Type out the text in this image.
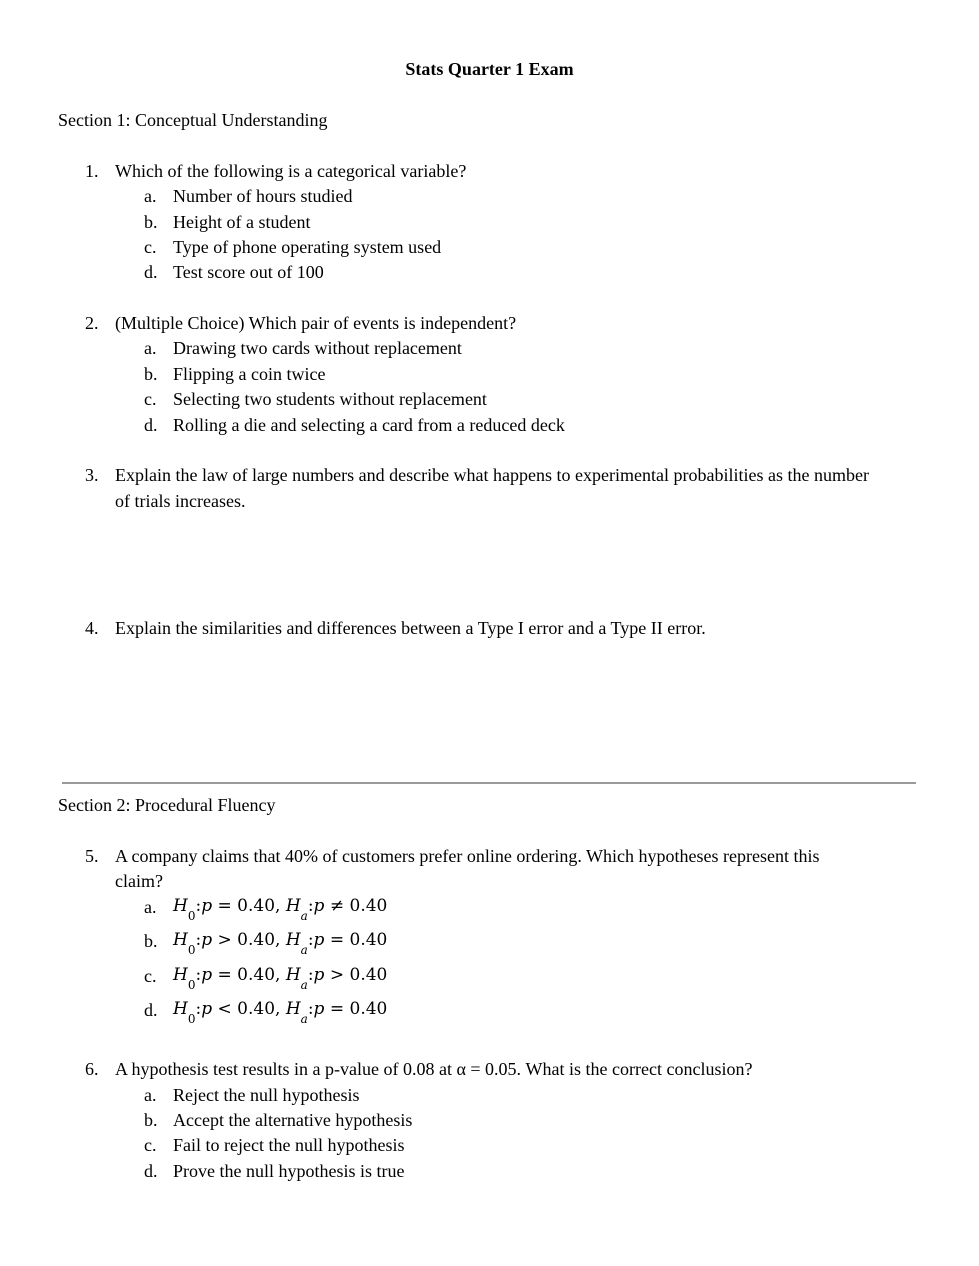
Stats Quarter 1 Exam
Section 1: Conceptual Understanding
1. Which of the following is a categorical variable?
a. Number of hours studied
b. Height of a student
c. Type of phone operating system used
d. Test score out of 100
2. (Multiple Choice) Which pair of events is independent?
a. Drawing two cards without replacement
b. Flipping a coin twice
c. Selecting two students without replacement
d. Rolling a die and selecting a card from a reduced deck
3. Explain the law of large numbers and describe what happens to experimental probabilities as the number
of trials increases.
4. Explain the similarities and differences between a Type I error and a Type II error.
Section 2: Procedural Fluency
5. A company claims that 40% of customers prefer online ordering. Which hypotheses represent this
claim?
a. $H_0:p = 0.40$, $H_a:p \ne 0.40$
b. $H_0:p > 0.40$, $H_a:p = 0.40$
c. $H_0:p = 0.40$, $H_a:p > 0.40$
d. $H_0:p < 0.40$, $H_a:p = 0.40$
6. A hypothesis test results in a p-value of 0.08 at α = 0.05. What is the correct conclusion?
a. Reject the null hypothesis
b. Accept the alternative hypothesis
c. Fail to reject the null hypothesis
d. Prove the null hypothesis is true
